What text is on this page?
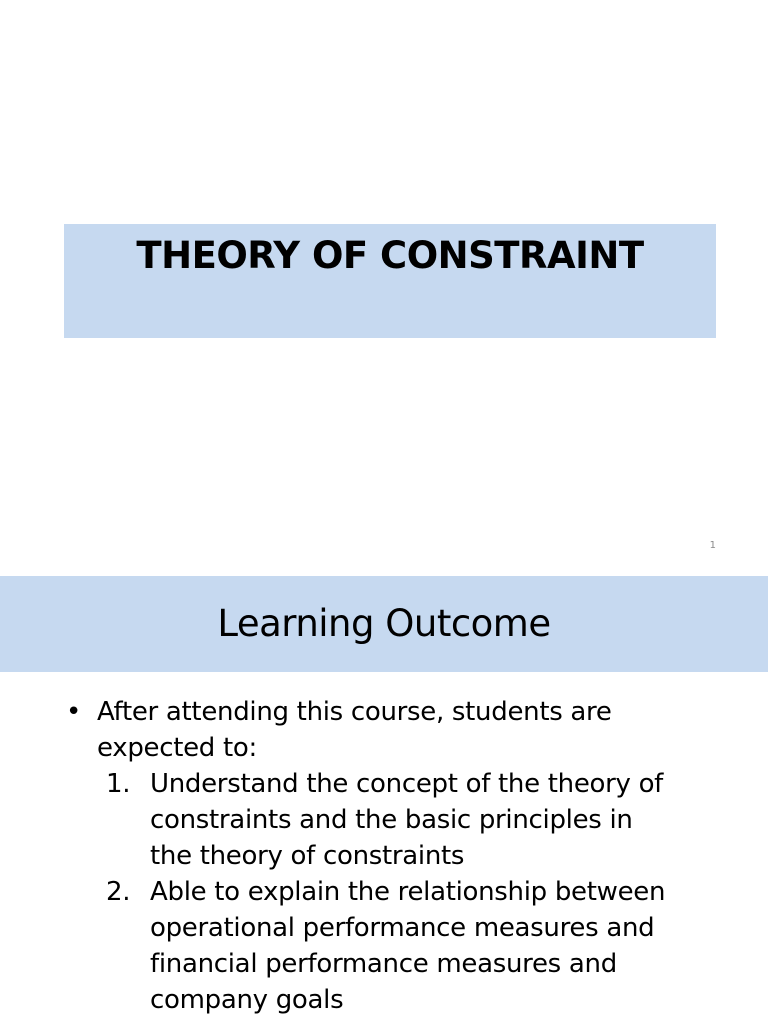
THEORY OF CONSTRAINT
1
Learning Outcome
• After attending this course, students are
expected to:
1. Understand the concept of the theory of
constraints and the basic principles in
the theory of constraints
2. Able to explain the relationship between
operational performance measures and
financial performance measures and
company goals
